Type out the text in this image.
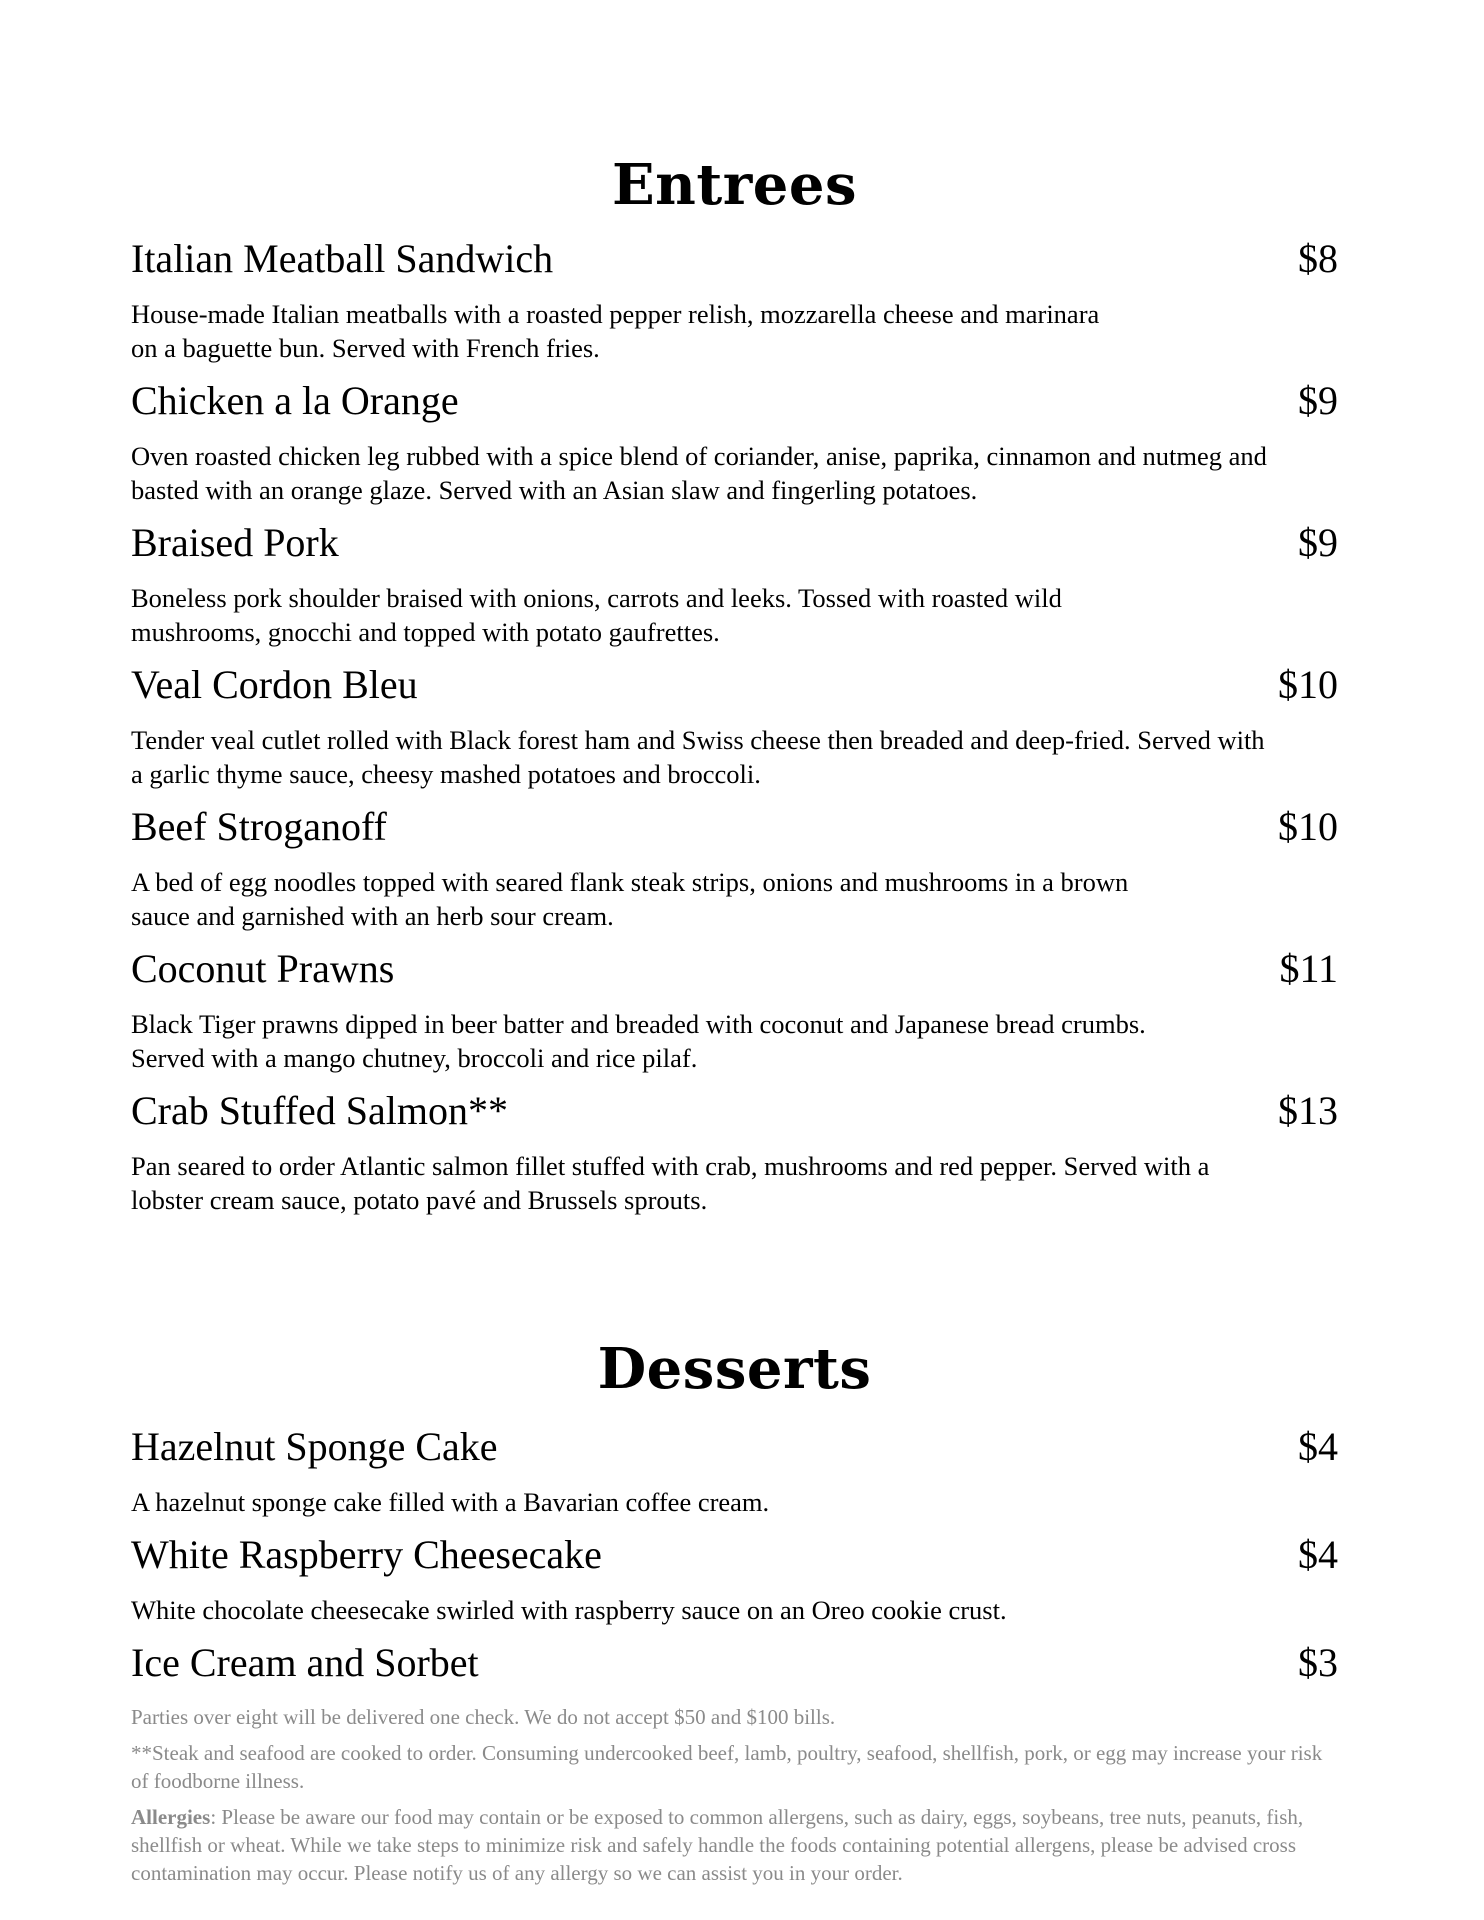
Entrees
Italian Meatball Sandwich	$8
House-made Italian meatballs with a roasted pepper relish, mozzarella cheese and marinara on a baguette bun. Served with French fries.
Chicken a la Orange	$9
Oven roasted chicken leg rubbed with a spice blend of coriander, anise, paprika, cinnamon and nutmeg and basted with an orange glaze. Served with an Asian slaw and fingerling potatoes.
Braised Pork	$9
Boneless pork shoulder braised with onions, carrots and leeks. Tossed with roasted wild mushrooms, gnocchi and topped with potato gaufrettes.
Veal Cordon Bleu	$10
Tender veal cutlet rolled with Black forest ham and Swiss cheese then breaded and deep-fried. Served with a garlic thyme sauce, cheesy mashed potatoes and broccoli.
Beef Stroganoff	$10
A bed of egg noodles topped with seared flank steak strips, onions and mushrooms in a brown sauce and garnished with an herb sour cream.
Coconut Prawns	$11
Black Tiger prawns dipped in beer batter and breaded with coconut and Japanese bread crumbs. Served with a mango chutney, broccoli and rice pilaf.
Crab Stuffed Salmon**	$13
Pan seared to order Atlantic salmon fillet stuffed with crab, mushrooms and red pepper. Served with a lobster cream sauce, potato pavé and Brussels sprouts.
Desserts
Hazelnut Sponge Cake	$4
A hazelnut sponge cake filled with a Bavarian coffee cream.
White Raspberry Cheesecake	$4
White chocolate cheesecake swirled with raspberry sauce on an Oreo cookie crust.
Ice Cream and Sorbet	$3

Parties over eight will be delivered one check. We do not accept $50 and $100 bills.

**Steak and seafood are cooked to order. Consuming undercooked beef, lamb, poultry, seafood, shellfish, pork, or egg may increase your risk of foodborne illness.

Allergies: Please be aware our food may contain or be exposed to common allergens, such as dairy, eggs, soybeans, tree nuts, peanuts, fish, shellfish or wheat. While we take steps to minimize risk and safely handle the foods containing potential allergens, please be advised cross contamination may occur. Please notify us of any allergy so we can assist you in your order.
